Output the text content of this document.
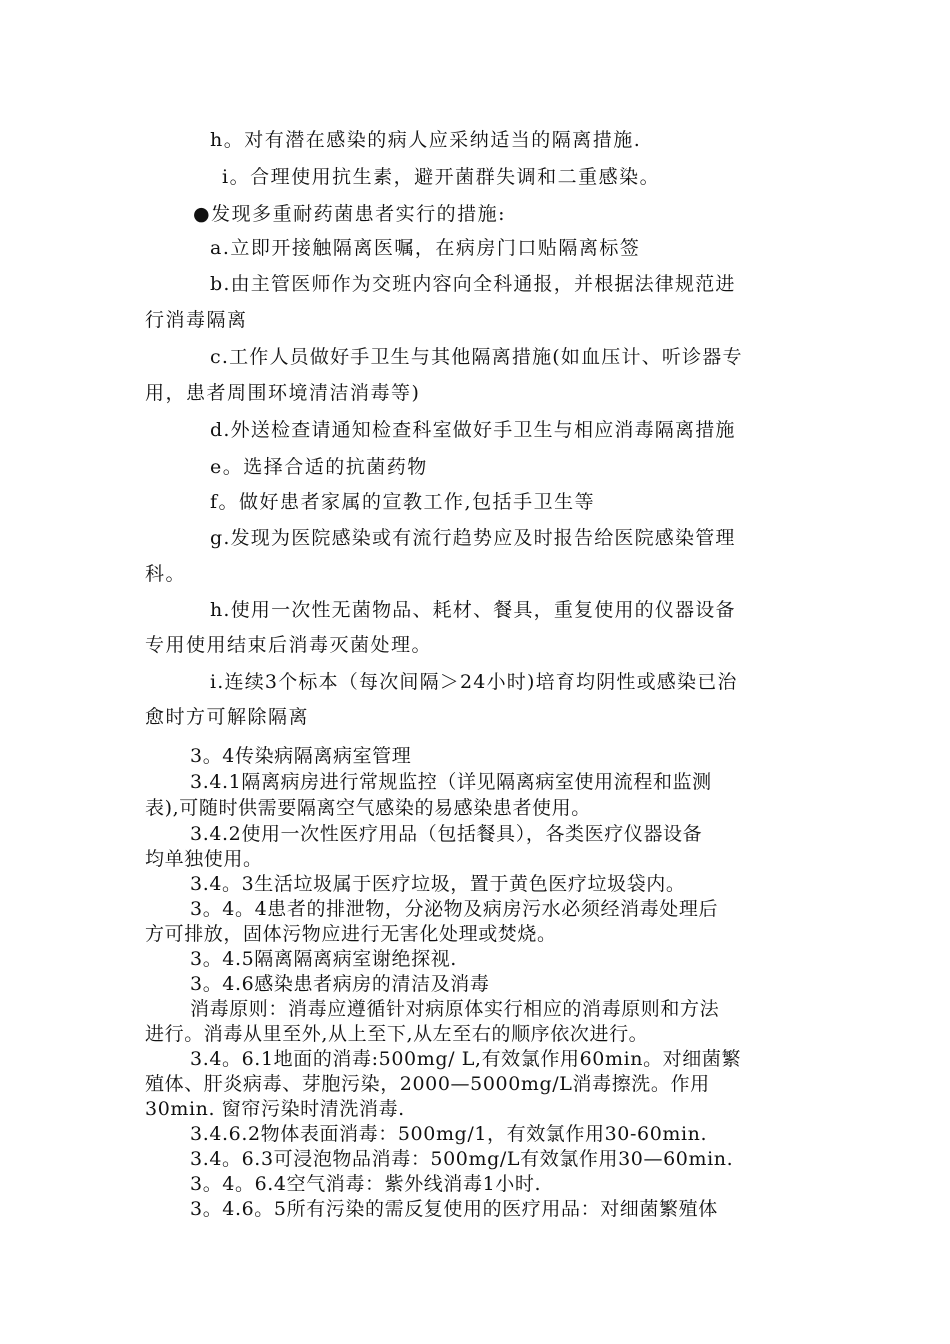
h。对有潜在感染的病人应采纳适当的隔离措施.
i。合理使用抗生素，避开菌群失调和二重感染。
●发现多重耐药菌患者实行的措施:
a.立即开接触隔离医嘱，在病房门口贴隔离标签
b.由主管医师作为交班内容向全科通报，并根据法律规范进
行消毒隔离
c.工作人员做好手卫生与其他隔离措施(如血压计、听诊器专
用，患者周围环境清洁消毒等)
d.外送检查请通知检查科室做好手卫生与相应消毒隔离措施
e。选择合适的抗菌药物
f。做好患者家属的宣教工作,包括手卫生等
g.发现为医院感染或有流行趋势应及时报告给医院感染管理
科。
h.使用一次性无菌物品、耗材、餐具，重复使用的仪器设备
专用使用结束后消毒灭菌处理。
i.连续3个标本（每次间隔＞24小时)培育均阴性或感染已治
愈时方可解除隔离
3。4传染病隔离病室管理
3.4.1隔离病房进行常规监控（详见隔离病室使用流程和监测
表),可随时供需要隔离空气感染的易感染患者使用。
3.4.2使用一次性医疗用品（包括餐具），各类医疗仪器设备
均单独使用。
3.4。3生活垃圾属于医疗垃圾，置于黄色医疗垃圾袋内。
3。4。4患者的排泄物，分泌物及病房污水必须经消毒处理后
方可排放，固体污物应进行无害化处理或焚烧。
3。4.5隔离隔离病室谢绝探视.
3。4.6感染患者病房的清洁及消毒
消毒原则：消毒应遵循针对病原体实行相应的消毒原则和方法
进行。消毒从里至外,从上至下,从左至右的顺序依次进行。
3.4。6.1地面的消毒:500mg/ L,有效氯作用60min。对细菌繁
殖体、肝炎病毒、芽胞污染，2000—5000mg/L消毒擦洗。作用
30min. 窗帘污染时清洗消毒.
3.4.6.2物体表面消毒：500mg/1，有效氯作用30-60min.
3.4。6.3可浸泡物品消毒：500mg/L有效氯作用30—60min.
3。4。6.4空气消毒：紫外线消毒1小时.
3。4.6。5所有污染的需反复使用的医疗用品：对细菌繁殖体
